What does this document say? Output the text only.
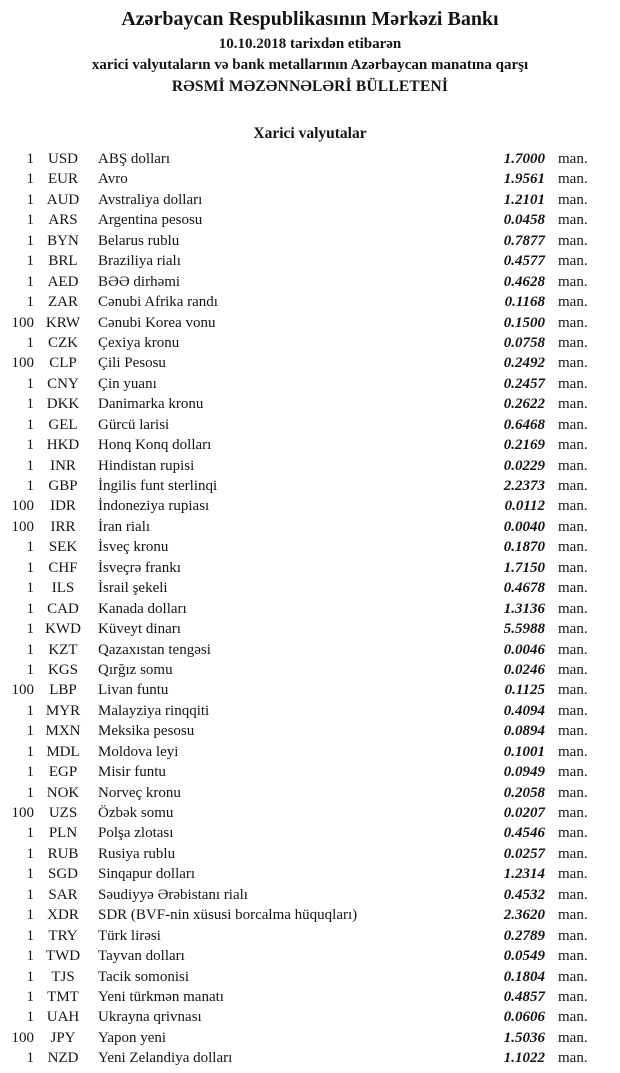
Azərbaycan Respublikasının Mərkəzi Bankı
10.10.2018 tarixdən etibarən
xarici valyutaların və bank metallarının Azərbaycan manatına qarşı
RƏSMİ MƏZƏNNƏLƏRİ BÜLLETENİ
Xarici valyutalar
1 USD	ABŞ dolları	1.7000 man.
1 EUR	Avro	1.9561 man.
1 AUD	Avstraliya dolları	1.2101 man.
1 ARS	Argentina pesosu	0.0458 man.
1 BYN	Belarus rublu	0.7877 man.
1 BRL	Braziliya rialı	0.4577 man.
1 AED	BƏƏ dirhəmi	0.4628 man.
1 ZAR	Cənubi Afrika randı	0.1168 man.
100 KRW	Cənubi Korea vonu	0.1500 man.
1 CZK	Çexiya kronu	0.0758 man.
100	CLP	Çili Pesosu	0.2492 man.
1 CNY	Çin yuanı	0.2457 man.
1 DKK	Danimarka kronu	0.2622 man.
1 GEL	Gürcü larisi	0.6468 man.
1 HKD	Honq Konq dolları	0.2169 man.
1	INR	Hindistan rupisi	0.0229 man.
1 GBP	İngilis funt sterlinqi	2.2373 man.
100	IDR	İndoneziya rupiası	0.0112 man.
100	IRR	İran rialı	0.0040 man.
1 SEK	İsveç kronu	0.1870 man.
1 CHF	İsveçrə frankı	1.7150 man.
1	ILS	İsrail şekeli	0.4678 man.
1 CAD	Kanada dolları	1.3136 man.
1 KWD	Küveyt dinarı	5.5988 man.
1 KZT	Qazaxıstan tengəsi	0.0046 man.
1 KGS	Qırğız somu	0.0246 man.
100	LBP	Livan funtu	0.1125 man.
1 MYR	Malayziya rinqqiti	0.4094 man.
1 MXN	Meksika pesosu	0.0894 man.
1 MDL	Moldova leyi	0.1001 man.
1 EGP	Misir funtu	0.0949 man.
1 NOK	Norveç kronu	0.2058 man.
100 UZS	Özbək somu	0.0207 man.
1 PLN	Polşa zlotası	0.4546 man.
1 RUB	Rusiya rublu	0.0257 man.
1 SGD	Sinqapur dolları	1.2314 man.
1 SAR	Səudiyyə Ərəbistanı rialı	0.4532 man.
1 XDR	SDR (BVF-nin xüsusi borcalma hüquqları)	2.3620 man.
1 TRY	Türk lirəsi	0.2789 man.
1 TWD	Tayvan dolları	0.0549 man.
1	TJS	Tacik somonisi	0.1804 man.
1 TMT	Yeni türkmən manatı	0.4857 man.
1 UAH	Ukrayna qrivnası	0.0606 man.
100	JPY	Yapon yeni	1.5036 man.
1 NZD	Yeni Zelandiya dolları	1.1022 man.
